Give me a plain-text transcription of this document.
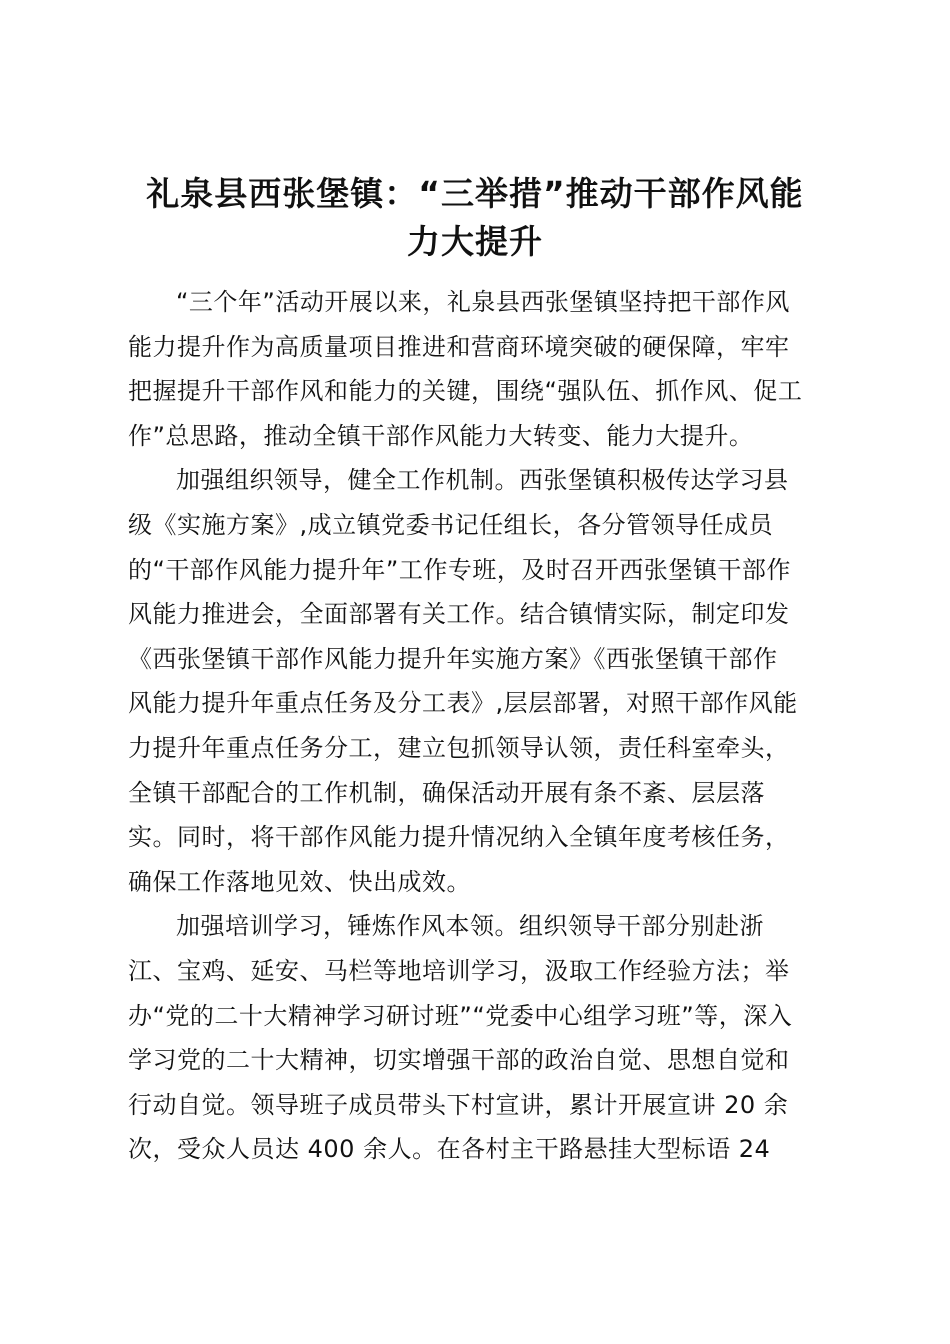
礼泉县西张堡镇：“三举措”推动干部作风能
力大提升
“三个年”活动开展以来，礼泉县西张堡镇坚持把干部作风
能力提升作为高质量项目推进和营商环境突破的硬保障，牢牢
把握提升干部作风和能力的关键，围绕“强队伍、抓作风、促工
作”总思路，推动全镇干部作风能力大转变、能力大提升。
加强组织领导，健全工作机制。西张堡镇积极传达学习县
级《实施方案》,成立镇党委书记任组长，各分管领导任成员
的“干部作风能力提升年”工作专班，及时召开西张堡镇干部作
风能力推进会，全面部署有关工作。结合镇情实际，制定印发
《西张堡镇干部作风能力提升年实施方案》《西张堡镇干部作
风能力提升年重点任务及分工表》,层层部署，对照干部作风能
力提升年重点任务分工，建立包抓领导认领，责任科室牵头，
全镇干部配合的工作机制，确保活动开展有条不紊、层层落
实。同时，将干部作风能力提升情况纳入全镇年度考核任务，
确保工作落地见效、快出成效。
加强培训学习，锤炼作风本领。组织领导干部分别赴浙
江、宝鸡、延安、马栏等地培训学习，汲取工作经验方法；举
办“党的二十大精神学习研讨班”“党委中心组学习班”等，深入
学习党的二十大精神，切实增强干部的政治自觉、思想自觉和
行动自觉。领导班子成员带头下村宣讲，累计开展宣讲 20 余
次，受众人员达 400 余人。在各村主干路悬挂大型标语 24
